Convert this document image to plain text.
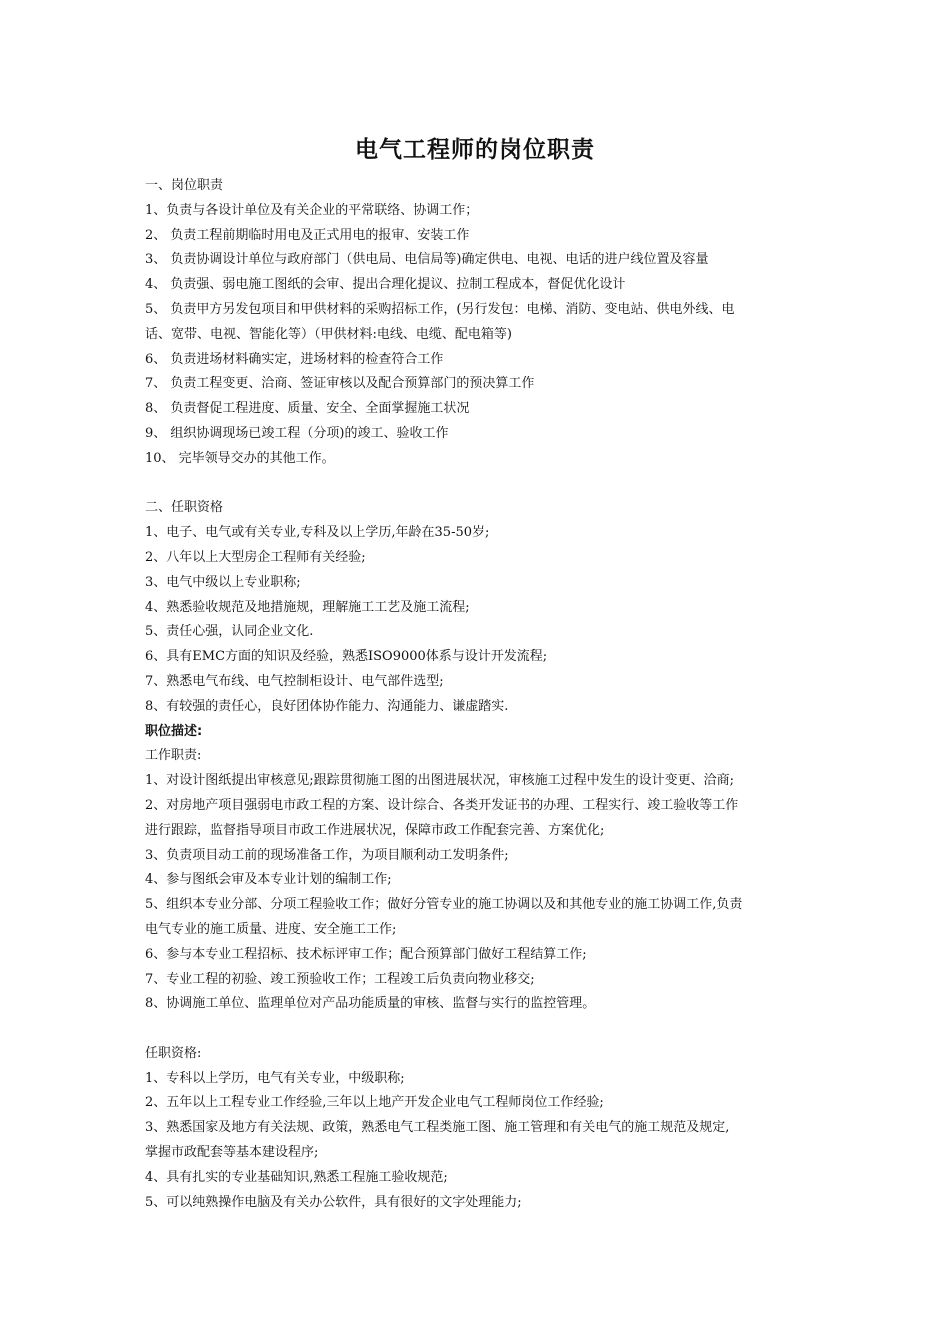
电气工程师的岗位职责
一、岗位职责
1、负责与各设计单位及有关企业的平常联络、协调工作；
2、 负责工程前期临时用电及正式用电的报审、安装工作
3、 负责协调设计单位与政府部门（供电局、电信局等)确定供电、电视、电话的进户线位置及容量
4、 负责强、弱电施工图纸的会审、提出合理化提议、拉制工程成本，督促优化设计
5、 负责甲方另发包项目和甲供材料的采购招标工作，(另行发包：电梯、消防、变电站、供电外线、电
话、宽带、电视、智能化等）（甲供材料:电线、电缆、配电箱等)
6、 负责进场材料确实定，进场材料的检查符合工作
7、 负责工程变更、洽商、签证审核以及配合预算部门的预决算工作
8、 负责督促工程进度、质量、安全、全面掌握施工状况
9、 组织协调现场已竣工程（分项)的竣工、验收工作
10、 完毕领导交办的其他工作。
二、任职资格
1、电子、电气或有关专业,专科及以上学历,年龄在35-50岁;
2、八年以上大型房企工程师有关经验;
3、电气中级以上专业职称;
4、熟悉验收规范及地措施规，理解施工工艺及施工流程;
5、责任心强，认同企业文化.
6、具有EMC方面的知识及经验，熟悉ISO9000体系与设计开发流程;
7、熟悉电气布线、电气控制柜设计、电气部件选型;
8、有较强的责任心，良好团体协作能力、沟通能力、谦虚踏实.
职位描述:
工作职责:
1、对设计图纸提出审核意见;跟踪贯彻施工图的出图进展状况，审核施工过程中发生的设计变更、洽商;
2、对房地产项目强弱电市政工程的方案、设计综合、各类开发证书的办理、工程实行、竣工验收等工作
进行跟踪，监督指导项目市政工作进展状况，保障市政工作配套完善、方案优化;
3、负责项目动工前的现场准备工作，为项目顺利动工发明条件;
4、参与图纸会审及本专业计划的编制工作;
5、组织本专业分部、分项工程验收工作；做好分管专业的施工协调以及和其他专业的施工协调工作,负责
电气专业的施工质量、进度、安全施工工作;
6、参与本专业工程招标、技术标评审工作；配合预算部门做好工程结算工作;
7、专业工程的初验、竣工预验收工作；工程竣工后负责向物业移交;
8、协调施工单位、监理单位对产品功能质量的审核、监督与实行的监控管理。
任职资格:
1、专科以上学历，电气有关专业，中级职称;
2、五年以上工程专业工作经验,三年以上地产开发企业电气工程师岗位工作经验;
3、熟悉国家及地方有关法规、政策，熟悉电气工程类施工图、施工管理和有关电气的施工规范及规定,
掌握市政配套等基本建设程序;
4、具有扎实的专业基础知识,熟悉工程施工验收规范;
5、可以纯熟操作电脑及有关办公软件，具有很好的文字处理能力;
